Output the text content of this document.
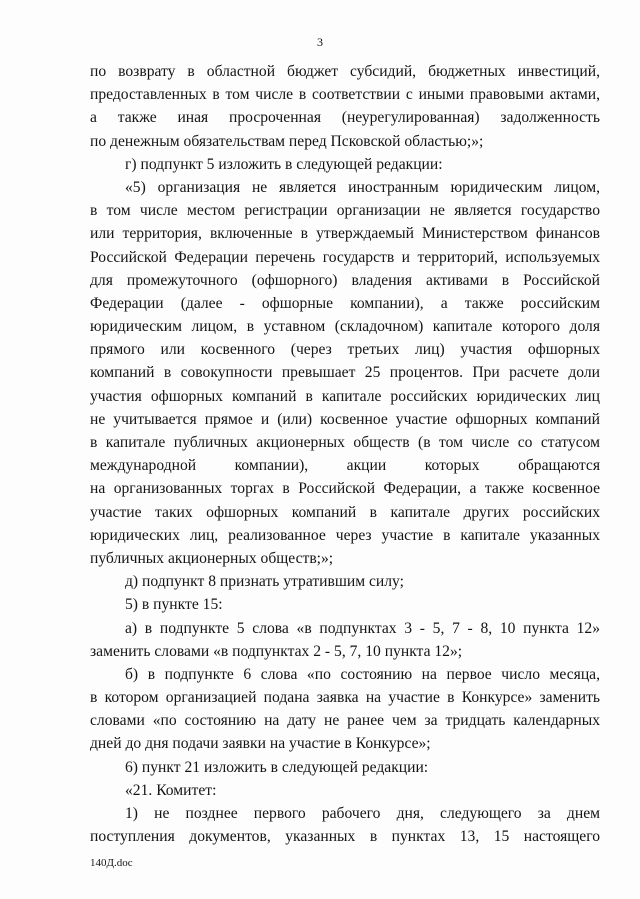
3
по возврату в областной бюджет субсидий, бюджетных инвестиций,
предоставленных в том числе в соответствии с иными правовыми актами,
а также иная просроченная (неурегулированная) задолженность
по денежным обязательствам перед Псковской областью;»;
г) подпункт 5 изложить в следующей редакции:
«5) организация не является иностранным юридическим лицом,
в том числе местом регистрации организации не является государство
или территория, включенные в утверждаемый Министерством финансов
Российской Федерации перечень государств и территорий, используемых
для промежуточного (офшорного) владения активами в Российской
Федерации (далее - офшорные компании), а также российским
юридическим лицом, в уставном (складочном) капитале которого доля
прямого или косвенного (через третьих лиц) участия офшорных
компаний в совокупности превышает 25 процентов. При расчете доли
участия офшорных компаний в капитале российских юридических лиц
не учитывается прямое и (или) косвенное участие офшорных компаний
в капитале публичных акционерных обществ (в том числе со статусом
международной компании), акции которых обращаются
на организованных торгах в Российской Федерации, а также косвенное
участие таких офшорных компаний в капитале других российских
юридических лиц, реализованное через участие в капитале указанных
публичных акционерных обществ;»;
д) подпункт 8 признать утратившим силу;
5) в пункте 15:
а) в подпункте 5 слова «в подпунктах 3 - 5, 7 - 8, 10 пункта 12»
заменить словами «в подпунктах 2 - 5, 7, 10 пункта 12»;
б) в подпункте 6 слова «по состоянию на первое число месяца,
в котором организацией подана заявка на участие в Конкурсе» заменить
словами «по состоянию на дату не ранее чем за тридцать календарных
дней до дня подачи заявки на участие в Конкурсе»;
6) пункт 21 изложить в следующей редакции:
«21. Комитет:
1) не позднее первого рабочего дня, следующего за днем
поступления документов, указанных в пунктах 13, 15 настоящего
140Д.doc
